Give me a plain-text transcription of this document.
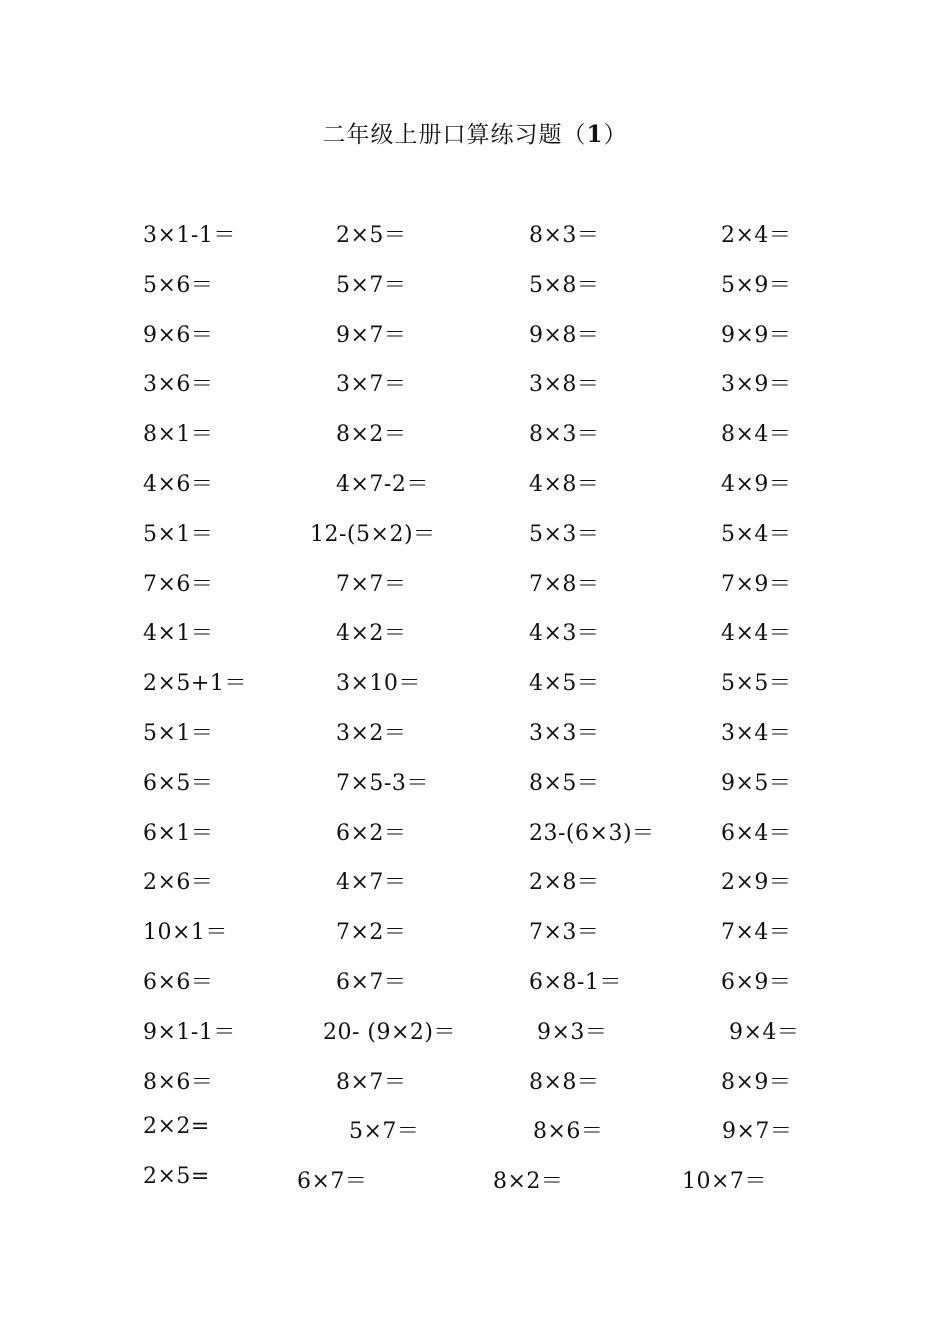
二年级上册口算练习题（1）
3×1-1＝	2×5＝	8×3＝	2×4＝
5×6＝	5×7＝	5×8＝	5×9＝
9×6＝	9×7＝	9×8＝	9×9＝
3×6＝	3×7＝	3×8＝	3×9＝
8×1＝	8×2＝	8×3＝	8×4＝
4×6＝	4×7-2＝	4×8＝	4×9＝
5×1＝	12-(5×2)＝	5×3＝	5×4＝
7×6＝	7×7＝	7×8＝	7×9＝
4×1＝	4×2＝	4×3＝	4×4＝
2×5+1＝	3×10＝	4×5＝	5×5＝
5×1＝	3×2＝	3×3＝	3×4＝
6×5＝	7×5-3＝	8×5＝	9×5＝
6×1＝	6×2＝	23-(6×3)＝	6×4＝
2×6＝	4×7＝	2×8＝	2×9＝
10×1＝	7×2＝	7×3＝	7×4＝
6×6＝	6×7＝	6×8-1＝	6×9＝
9×1-1＝	20- (9×2)＝	9×3＝	9×4＝
8×6＝	8×7＝	8×8＝	8×9＝
2×2=	5×7＝	8×6＝	9×7＝
2×5=	6×7＝	8×2＝	10×7＝
